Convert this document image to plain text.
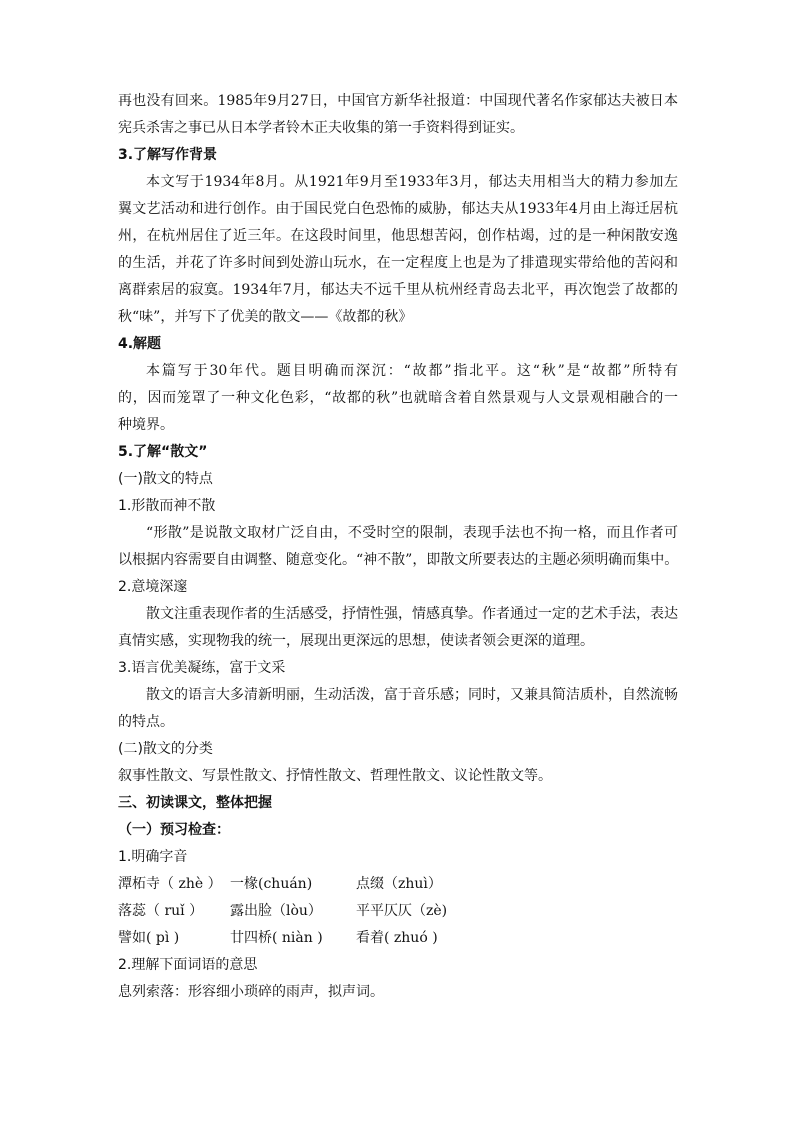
再也没有回来。1985年9月27日，中国官方新华社报道：中国现代著名作家郁达夫被日本
宪兵杀害之事已从日本学者铃木正夫收集的第一手资料得到证实。
3.了解写作背景
本文写于1934年8月。从1921年9月至1933年3月，郁达夫用相当大的精力参加左
翼文艺活动和进行创作。由于国民党白色恐怖的威胁，郁达夫从1933年4月由上海迁居杭
州，在杭州居住了近三年。在这段时间里，他思想苦闷，创作枯竭，过的是一种闲散安逸
的生活，并花了许多时间到处游山玩水，在一定程度上也是为了排遣现实带给他的苦闷和
离群索居的寂寞。1934年7月，郁达夫不远千里从杭州经青岛去北平，再次饱尝了故都的
秋“味”，并写下了优美的散文——《故都的秋》
4.解题
本篇写于30年代。题目明确而深沉：“故都”指北平。这“秋”是“故都”所特有
的，因而笼罩了一种文化色彩，“故都的秋”也就暗含着自然景观与人文景观相融合的一
种境界。
5.了解“散文”
(一)散文的特点
1.形散而神不散
“形散”是说散文取材广泛自由，不受时空的限制，表现手法也不拘一格，而且作者可
以根据内容需要自由调整、随意变化。“神不散”，即散文所要表达的主题必须明确而集中。
2.意境深邃
散文注重表现作者的生活感受，抒情性强，情感真挚。作者通过一定的艺术手法，表达
真情实感，实现物我的统一，展现出更深远的思想，使读者领会更深的道理。
3.语言优美凝练，富于文采
散文的语言大多清新明丽，生动活泼，富于音乐感；同时，又兼具简洁质朴，自然流畅
的特点。
(二)散文的分类
叙事性散文、写景性散文、抒情性散文、哲理性散文、议论性散文等。
三、初读课文，整体把握
（一）预习检查：
1.明确字音
潭柘寺（ zhè ） 一椽(chuán)	点缀（zhuì）
落蕊（ ruǐ ） 露出脸（lòu） 平平仄仄（zè)
譬如( pì )	廿四桥( niàn ) 看着( zhuó )
2.理解下面词语的意思
息列索落：形容细小琐碎的雨声，拟声词。
